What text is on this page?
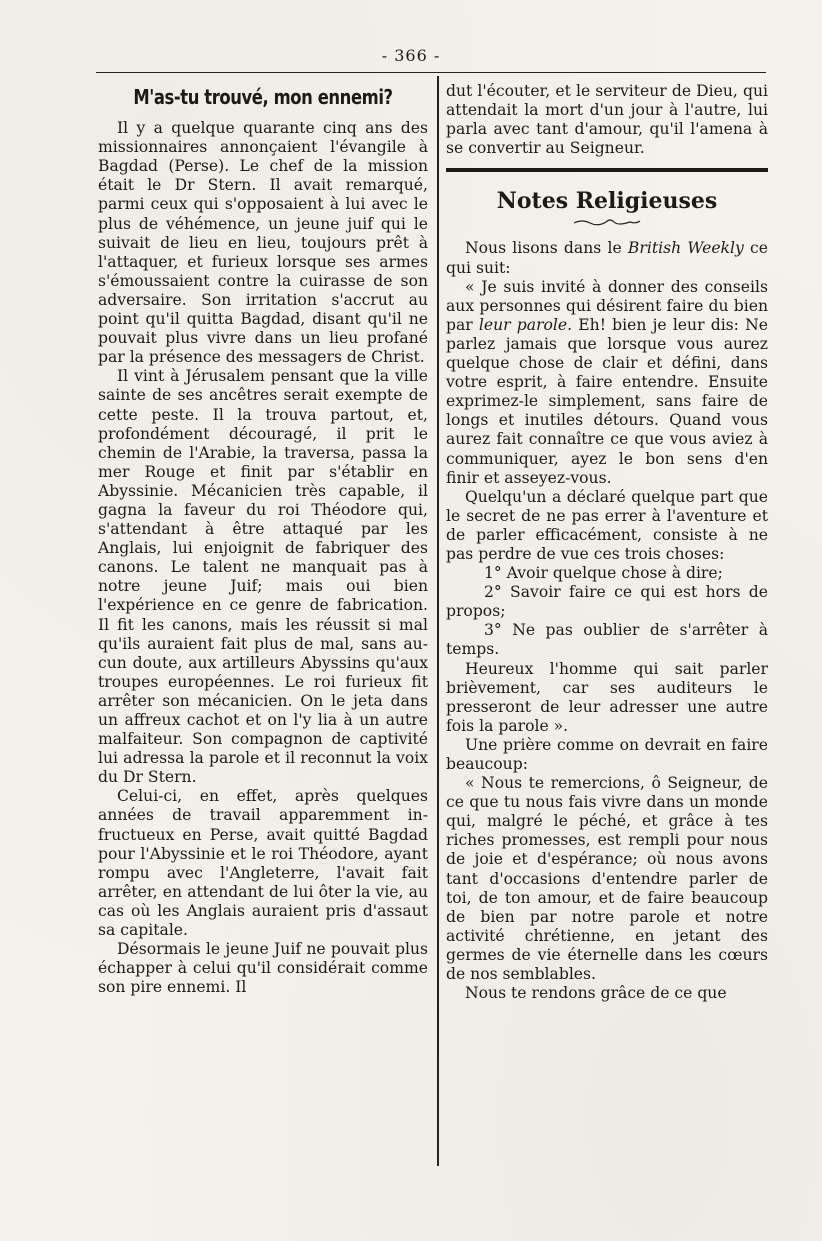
- 366 -
M'as-tu trouvé, mon ennemi?

Il y a quelque quarante cinq ans des missionnaires annonçaient l'évangile à Bagdad (Perse). Le chef de la mission était le Dr Stern. Il avait remarqué, parmi ceux qui s'opposaient à lui avec le plus de véhémence, un jeune juif qui le suivait de lieu en lieu, toujours prêt à l'attaquer, et furieux lorsque ses armes s'émoussaient contre la cuirasse de son adversaire. Son irritation s'accrut au point qu'il quitta Bagdad, disant qu'il ne pouvait plus vivre dans un lieu profané par la présence des messagers de Christ.

Il vint à Jérusalem pensant que la ville sainte de ses ancêtres serait exempte de cette peste. Il la trouva partout, et, profondément découragé, il prit le chemin de l'Arabie, la traversa, passa la mer Rouge et finit par s'établir en Abyssinie. Mécanicien très capable, il gagna la faveur du roi Théodore qui, s'attendant à être attaqué par les Anglais, lui enjoignit de fabriquer des canons. Le talent ne manquait pas à notre jeune Juif; mais oui bien l'expérience en ce genre de fabrication. Il fit les canons, mais les réussit si mal qu'ils auraient fait plus de mal, sans aucun doute, aux artilleurs Abyssins qu'aux troupes européennes. Le roi furieux fit arrêter son mécanicien. On le jeta dans un affreux cachot et on l'y lia à un autre malfaiteur. Son compagnon de captivité lui adressa la parole et il reconnut la voix du Dr Stern.

Celui-ci, en effet, après quelques années de travail apparemment infructueux en Perse, avait quitté Bagdad pour l'Abyssinie et le roi Théodore, ayant rompu avec l'Angleterre, l'avait fait arrêter, en attendant de lui ôter la vie, au cas où les Anglais auraient pris d'assaut sa capitale.

Désormais le jeune Juif ne pouvait plus échapper à celui qu'il considérait comme son pire ennemi. Il

dut l'écouter, et le serviteur de Dieu, qui attendait la mort d'un jour à l'autre, lui parla avec tant d'amour, qu'il l'amena à se convertir au Seigneur.

Notes Religieuses

Nous lisons dans le British Weekly ce qui suit:

« Je suis invité à donner des conseils aux personnes qui désirent faire du bien par leur parole. Eh! bien je leur dis: Ne parlez jamais que lorsque vous aurez quelque chose de clair et défini, dans votre esprit, à faire entendre. Ensuite exprimez-le simplement, sans faire de longs et inutiles détours. Quand vous aurez fait connaître ce que vous aviez à communiquer, ayez le bon sens d'en finir et asseyez-vous.

Quelqu'un a déclaré quelque part que le secret de ne pas errer à l'aventure et de parler efficacément, consiste à ne pas perdre de vue ces trois choses:

1° Avoir quelque chose à dire;

2° Savoir faire ce qui est hors de propos;

3° Ne pas oublier de s'arrêter à temps.

Heureux l'homme qui sait parler brièvement, car ses auditeurs le presseront de leur adresser une autre fois la parole ».

Une prière comme on devrait en faire beaucoup:

« Nous te remercions, ô Seigneur, de ce que tu nous fais vivre dans un monde qui, malgré le péché, et grâce à tes riches promesses, est rempli pour nous de joie et d'espérance; où nous avons tant d'occasions d'entendre parler de toi, de ton amour, et de faire beaucoup de bien par notre parole et notre activité chrétienne, en jetant des germes de vie éternelle dans les cœurs de nos semblables.

Nous te rendons grâce de ce que
